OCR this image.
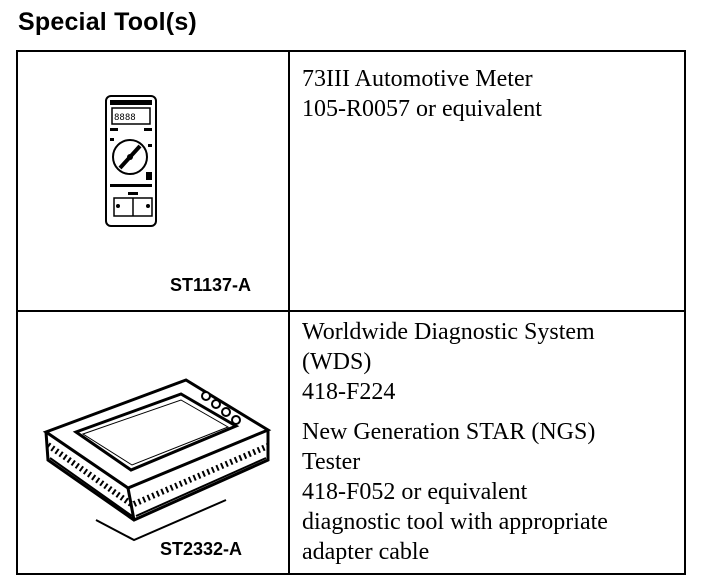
Special Tool(s)
8888
ST1137-A
73III Automotive Meter
105-R0057 or equivalent
ST2332-A
Worldwide Diagnostic System
(WDS)
418-F224
New Generation STAR (NGS)
Tester
418-F052 or equivalent
diagnostic tool with appropriate
adapter cable
